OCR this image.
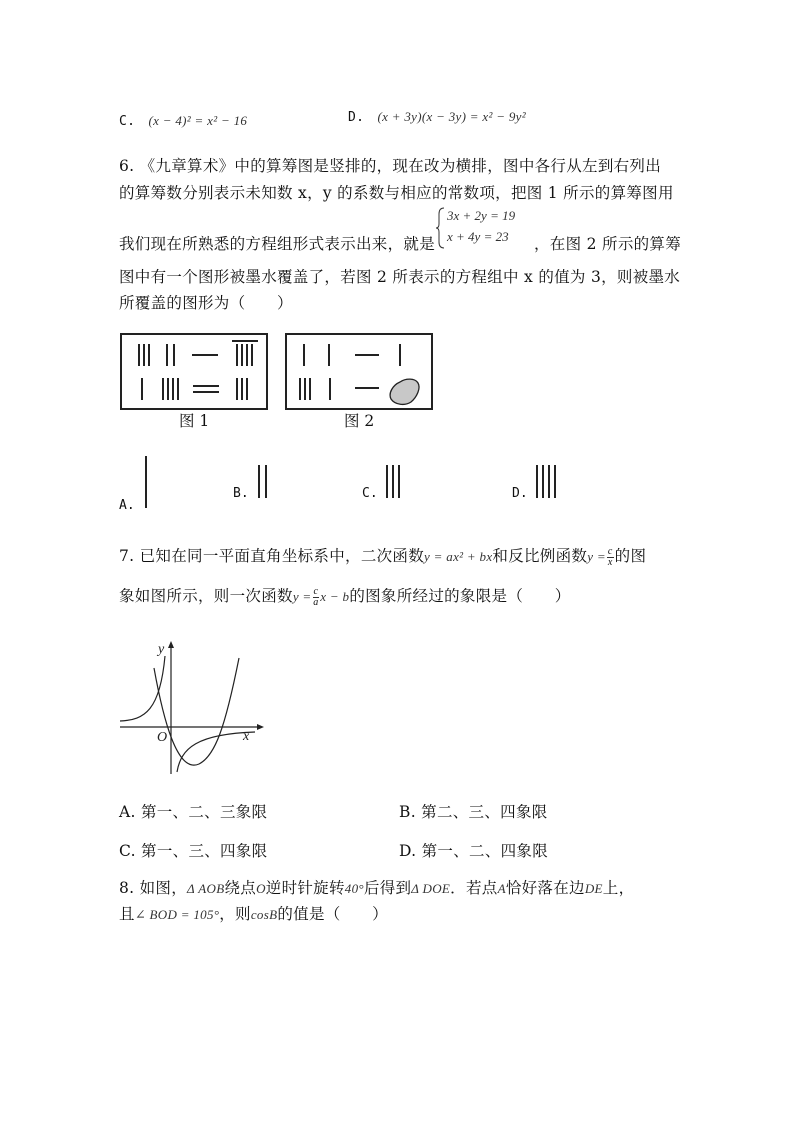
C. (x − 4)² = x² − 16	D. (x + 3y)(x − 3y) = x² − 9y²
6. 《九章算术》中的算筹图是竖排的，现在改为横排，图中各行从左到右列出
的算筹数分别表示未知数 x，y 的系数与相应的常数项，把图 1 所示的算筹图用
我们现在所熟悉的方程组形式表示出来，就是
3x + 2y = 19
x + 4y = 23 ，在图 2 所示的算筹
图中有一个图形被墨水覆盖了，若图 2 所表示的方程组中 x 的值为 3，则被墨水
所覆盖的图形为（　　）
图 1	图 2
A.
B.	C.	D.
7. 已知在同一平面直角坐标系中，二次函数y = ax² + bx和反比例函数$y = \frac{c}{x}$ 的图
象如图所示，则一次函数$y = \frac{c}{a}$ x − b的图象所经过的象限是（　　）
y
x
O
A. 第一、二、三象限	B. 第二、三、四象限
C. 第一、三、四象限	D. 第一、二、四象限
8. 如图，Δ AOB绕点O逆时针旋转40°后得到Δ DOE．若点A恰好落在边DE上，
且∠ BOD = 105°，则cosB的值是（　　）
